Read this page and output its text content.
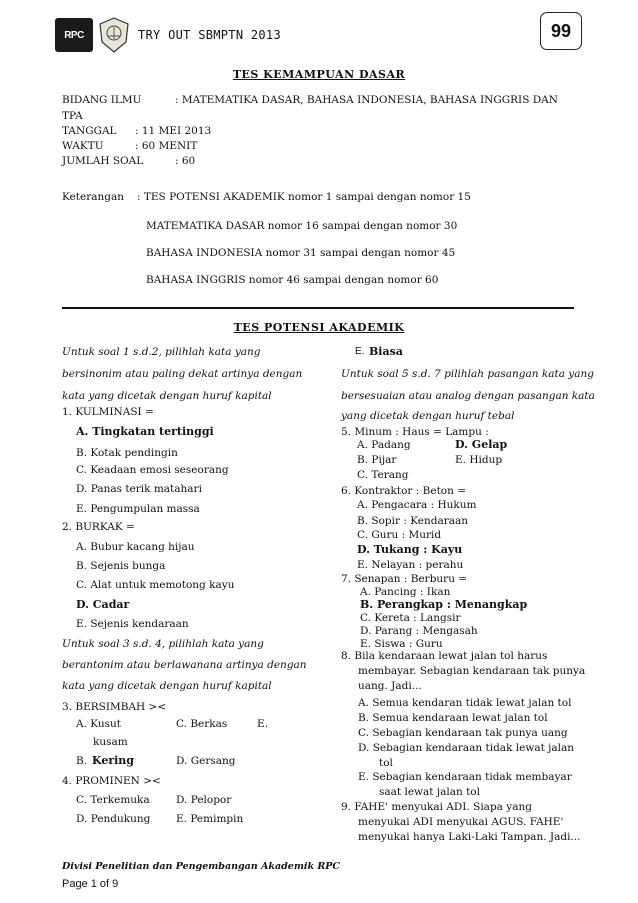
RPC	TRY OUT SBMPTN 2013	99
TES KEMAMPUAN DASAR
BIDANG ILMU	: MATEMATIKA DASAR, BAHASA INDONESIA, BAHASA INGGRIS DAN
TPA
TANGGAL : 11 MEI 2013
WAKTU	: 60 MENIT
JUMLAH SOAL	: 60
Keterangan : TES POTENSI AKADEMIK nomor 1 sampai dengan nomor 15
MATEMATIKA DASAR nomor 16 sampai dengan nomor 30
BAHASA INDONESIA nomor 31 sampai dengan nomor 45
BAHASA INGGRIS nomor 46 sampai dengan nomor 60
TES POTENSI AKADEMIK
Untuk soal 1 s.d.2, pilihlah kata yang
bersinonim atau paling dekat artinya dengan
kata yang dicetak dengan huruf kapital
1. KULMINASI =
A. Tingkatan tertinggi
B. Kotak pendingin
C. Keadaan emosi seseorang
D. Panas terik matahari
E. Pengumpulan massa
2. BURKAK =
A. Bubur kacang hijau
B. Sejenis bunga
C. Alat untuk memotong kayu
D. Cadar
E. Sejenis kendaraan
Untuk soal 3 s.d. 4, pilihlah kata yang
berantonim atau berlawanana artinya dengan
kata yang dicetak dengan huruf kapital
3. BERSIMBAH ><
A. Kusut	C. Berkas	E.
kusam
B. Kering	D. Gersang
4. PROMINEN ><
C. Terkemuka	D. Pelopor
D. Pendukung E. Pemimpin
E. Biasa
Untuk soal 5 s.d. 7 pilihlah pasangan kata yang
bersesuaian atau analog dengan pasangan kata
yang dicetak dengan huruf tebal
5. Minum : Haus = Lampu :
A. Padang	D. Gelap
B. Pijar	E. Hidup
C. Terang
6. Kontraktor : Beton =
A. Pengacara : Hukum
B. Sopir : Kendaraan
C. Guru : Murid
D. Tukang : Kayu
E. Nelayan : perahu
7. Senapan : Berburu =
A. Pancing : Ikan
B. Perangkap : Menangkap
C. Kereta : Langsir
D. Parang : Mengasah
E. Siswa : Guru
8. Bila kendaraan lewat jalan tol harus
membayar. Sebagian kendaraan tak punya
uang. Jadi...
A. Semua kendaran tidak lewat jalan tol
B. Semua kendaraan lewat jalan tol
C. Sebagian kendaraan tak punya uang
D. Sebagian kendaraan tidak lewat jalan
tol
E. Sebagian kendaraan tidak membayar
saat lewat jalan tol
9. FAHE' menyukai ADI. Siapa yang
menyukai ADI menyukai AGUS. FAHE'
menyukai hanya Laki-Laki Tampan. Jadi...
Divisi Penelitian dan Pengembangan Akademik RPC
Page 1 of 9
